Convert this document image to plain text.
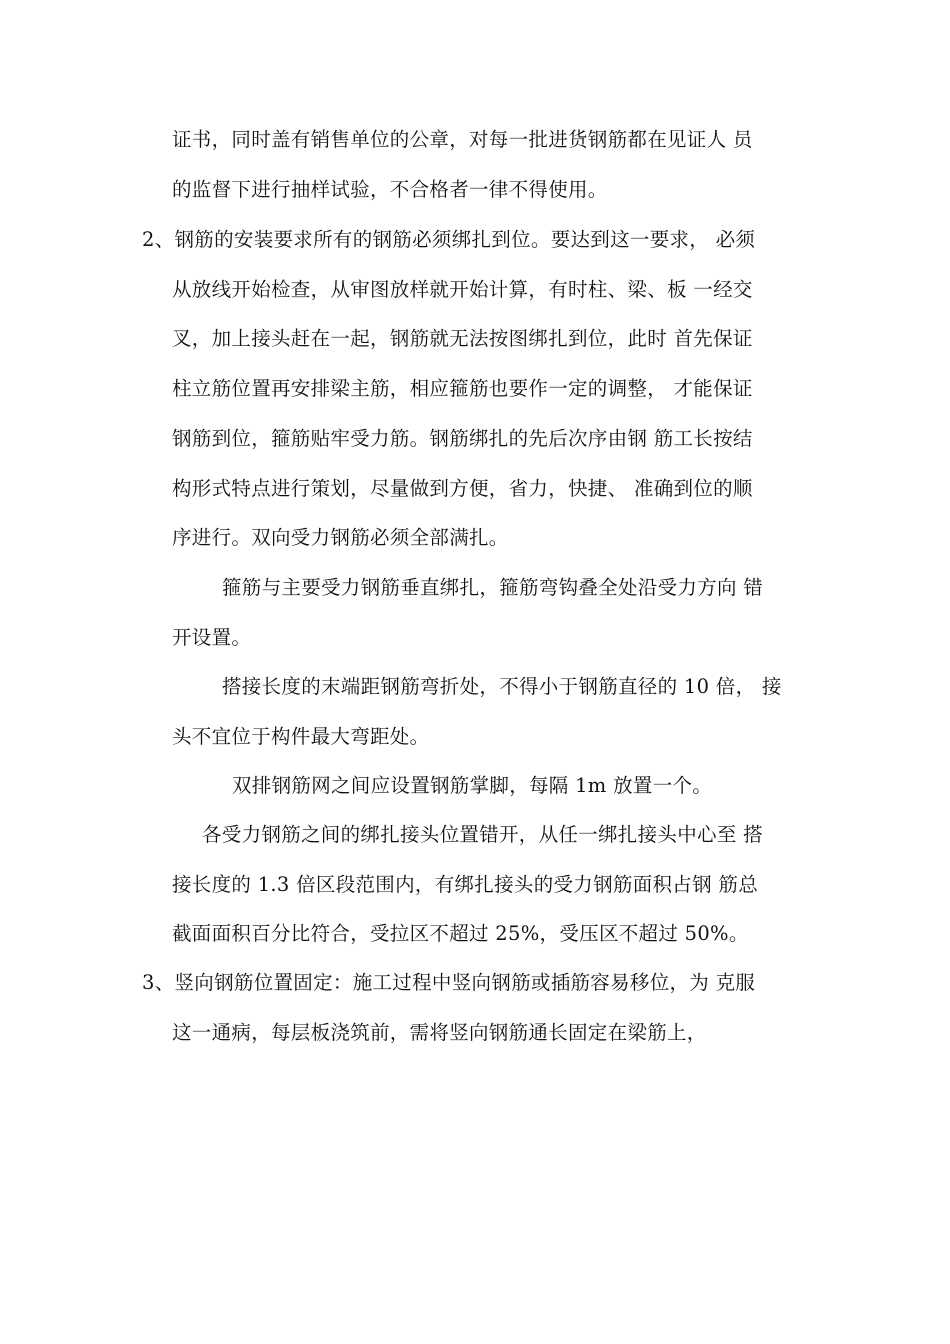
证书，同时盖有销售单位的公章，对每一批进货钢筋都在见证人 员
的监督下进行抽样试验，不合格者一律不得使用。
2、钢筋的安装要求所有的钢筋必须绑扎到位。要达到这一要求， 必须
从放线开始检查，从审图放样就开始计算，有时柱、梁、板 一经交
叉，加上接头赶在一起，钢筋就无法按图绑扎到位，此时 首先保证
柱立筋位置再安排梁主筋，相应箍筋也要作一定的调整， 才能保证
钢筋到位，箍筋贴牢受力筋。钢筋绑扎的先后次序由钢 筋工长按结
构形式特点进行策划，尽量做到方便，省力，快捷、 准确到位的顺
序进行。双向受力钢筋必须全部满扎。
箍筋与主要受力钢筋垂直绑扎，箍筋弯钩叠全处沿受力方向 错
开设置。
搭接长度的末端距钢筋弯折处，不得小于钢筋直径的 10 倍， 接
头不宜位于构件最大弯距处。
双排钢筋网之间应设置钢筋掌脚，每隔 1m 放置一个。
各受力钢筋之间的绑扎接头位置错开，从任一绑扎接头中心至 搭
接长度的 1.3 倍区段范围内，有绑扎接头的受力钢筋面积占钢 筋总
截面面积百分比符合，受拉区不超过 25%，受压区不超过 50%。
3、竖向钢筋位置固定：施工过程中竖向钢筋或插筋容易移位，为 克服
这一通病，每层板浇筑前，需将竖向钢筋通长固定在梁筋上，
